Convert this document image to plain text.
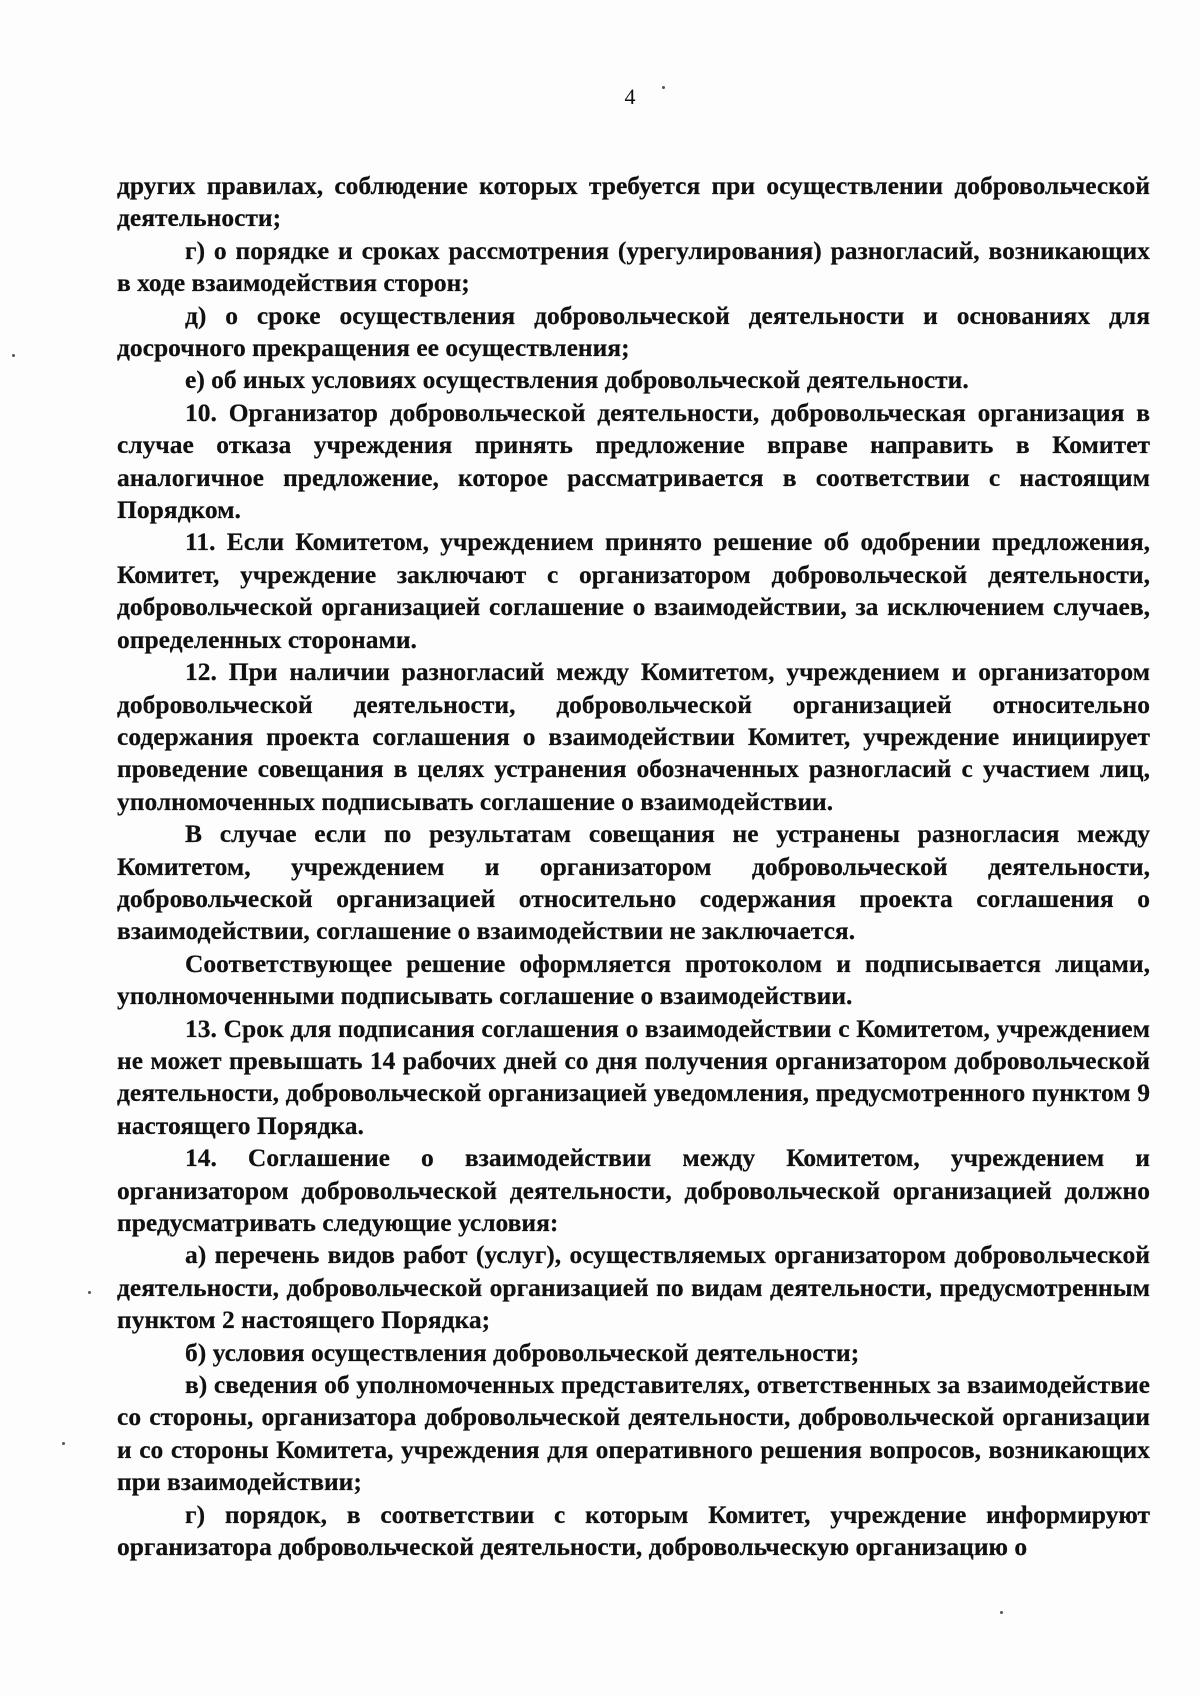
4

других правилах, соблюдение которых требуется при осуществлении добровольческой деятельности;

г) о порядке и сроках рассмотрения (урегулирования) разногласий, возникающих в ходе взаимодействия сторон;

д) о сроке осуществления добровольческой деятельности и основаниях для досрочного прекращения ее осуществления;

е) об иных условиях осуществления добровольческой деятельности.

10. Организатор добровольческой деятельности, добровольческая организация в случае отказа учреждения принять предложение вправе направить в Комитет аналогичное предложение, которое рассматривается в соответствии с настоящим Порядком.

11. Если Комитетом, учреждением принято решение об одобрении предложения, Комитет, учреждение заключают с организатором добровольческой деятельности, добровольческой организацией соглашение о взаимодействии, за исключением случаев, определенных сторонами.

12. При наличии разногласий между Комитетом, учреждением и организатором добровольческой деятельности, добровольческой организацией относительно содержания проекта соглашения о взаимодействии Комитет, учреждение инициирует проведение совещания в целях устранения обозначенных разногласий с участием лиц, уполномоченных подписывать соглашение о взаимодействии.

В случае если по результатам совещания не устранены разногласия между Комитетом, учреждением и организатором добровольческой деятельности, добровольческой организацией относительно содержания проекта соглашения о взаимодействии, соглашение о взаимодействии не заключается.

Соответствующее решение оформляется протоколом и подписывается лицами, уполномоченными подписывать соглашение о взаимодействии.

13. Срок для подписания соглашения о взаимодействии с Комитетом, учреждением не может превышать 14 рабочих дней со дня получения организатором добровольческой деятельности, добровольческой организацией уведомления, предусмотренного пунктом 9 настоящего Порядка.

14. Соглашение о взаимодействии между Комитетом, учреждением и организатором добровольческой деятельности, добровольческой организацией должно предусматривать следующие условия:

а) перечень видов работ (услуг), осуществляемых организатором добровольческой деятельности, добровольческой организацией по видам деятельности, предусмотренным пунктом 2 настоящего Порядка;

б) условия осуществления добровольческой деятельности;

в) сведения об уполномоченных представителях, ответственных за взаимодействие со стороны, организатора добровольческой деятельности, добровольческой организации и со стороны Комитета, учреждения для оперативного решения вопросов, возникающих при взаимодействии;

г) порядок, в соответствии с которым Комитет, учреждение информируют организатора добровольческой деятельности, добровольческую организацию о
